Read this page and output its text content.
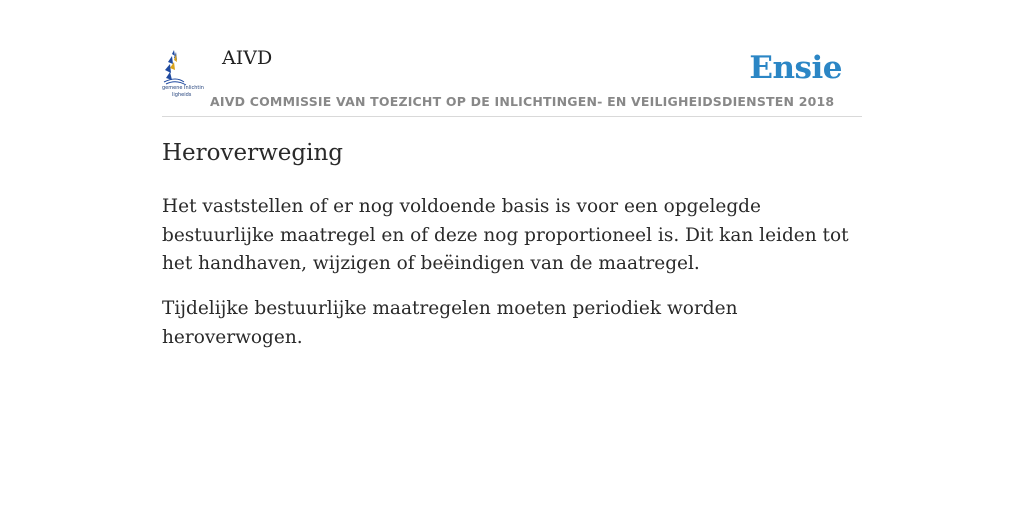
gemene Inlichtin
ligheids
AIVD	Ensie
AIVD COMMISSIE VAN TOEZICHT OP DE INLICHTINGEN- EN VEILIGHEIDSDIENSTEN 2018
Heroverweging

Het vaststellen of er nog voldoende basis is voor een opgelegde bestuurlijke maatregel en of deze nog proportioneel is. Dit kan leiden tot het handhaven, wijzigen of beëindigen van de maatregel.

Tijdelijke bestuurlijke maatregelen moeten periodiek worden heroverwogen.
